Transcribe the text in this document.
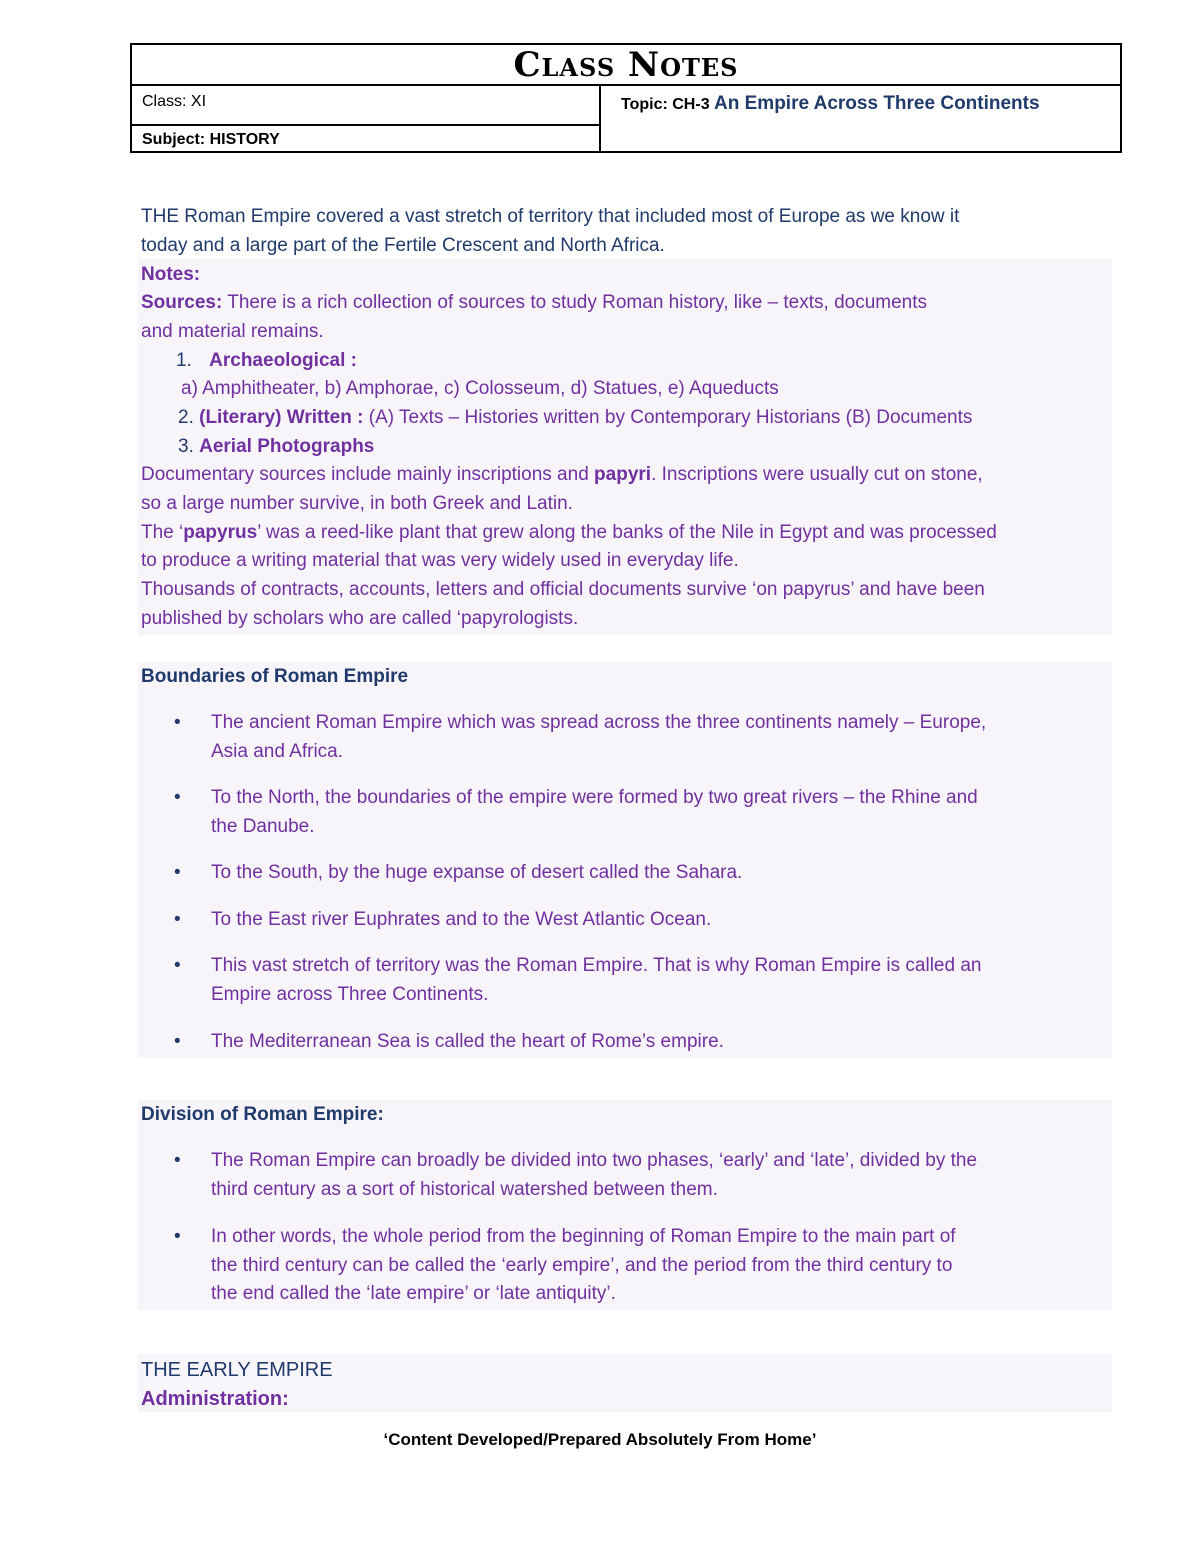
Class Notes
Class: XI
Subject: HISTORY
Topic: CH-3 An Empire Across Three Continents
THE Roman Empire covered a vast stretch of territory that included most of Europe as we know it
today and a large part of the Fertile Crescent and North Africa.
Notes:
Sources: There is a rich collection of sources to study Roman history, like – texts, documents
and material remains.
1. Archaeological :
a) Amphitheater, b) Amphorae, c) Colosseum, d) Statues, e) Aqueducts
2. (Literary) Written : (A) Texts – Histories written by Contemporary Historians (B) Documents
3. Aerial Photographs
Documentary sources include mainly inscriptions and papyri. Inscriptions were usually cut on stone,
so a large number survive, in both Greek and Latin.
The ‘papyrus’ was a reed-like plant that grew along the banks of the Nile in Egypt and was processed
to produce a writing material that was very widely used in everyday life.
Thousands of contracts, accounts, letters and official documents survive ‘on papyrus’ and have been
published by scholars who are called ‘papyrologists.
Boundaries of Roman Empire
• The ancient Roman Empire which was spread across the three continents namely – Europe,
Asia and Africa.
• To the North, the boundaries of the empire were formed by two great rivers – the Rhine and
the Danube.
• To the South, by the huge expanse of desert called the Sahara.
• To the East river Euphrates and to the West Atlantic Ocean.
• This vast stretch of territory was the Roman Empire. That is why Roman Empire is called an
Empire across Three Continents.
• The Mediterranean Sea is called the heart of Rome’s empire.
Division of Roman Empire:
• The Roman Empire can broadly be divided into two phases, ‘early’ and ‘late’, divided by the
third century as a sort of historical watershed between them.
• In other words, the whole period from the beginning of Roman Empire to the main part of
the third century can be called the ‘early empire’, and the period from the third century to
the end called the ‘late empire’ or ‘late antiquity’.
THE EARLY EMPIRE
Administration:
‘Content Developed/Prepared Absolutely From Home’
